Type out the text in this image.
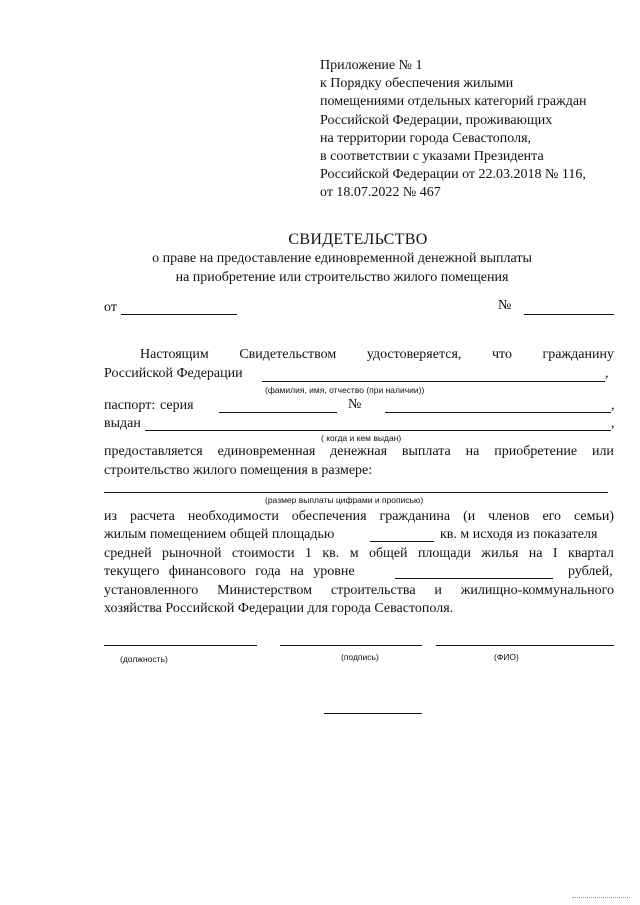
Приложение № 1
к Порядку обеспечения жилыми
помещениями отдельных категорий граждан
Российской Федерации, проживающих
на территории города Севастополя,
в соответствии с указами Президента
Российской Федерации от 22.03.2018 № 116,
от 18.07.2022 № 467
СВИДЕТЕЛЬСТВО
о праве на предоставление единовременной денежной выплаты
на приобретение или строительство жилого помещения
от	№
Настоящим Свидетельством удостоверяется, что гражданину
Российской Федерации	,
(фамилия, имя, отчество (при наличии))
паспорт: серия	№	,
выдан	,
( когда и кем выдан)
предоставляется единовременная денежная выплата на приобретение или
строительство жилого помещения в размере:
(размер выплаты цифрами и прописью)
из расчета необходимости обеспечения гражданина (и членов его семьи)
жилым помещением общей площадью	кв. м исходя из показателя
средней рыночной стоимости 1 кв. м общей площади жилья на I квартал
текущего финансового года на уровне	рублей,
установленного Министерством строительства и жилищно-коммунального
хозяйства Российской Федерации для города Севастополя.
(должность)	(подпись)	(ФИО)
